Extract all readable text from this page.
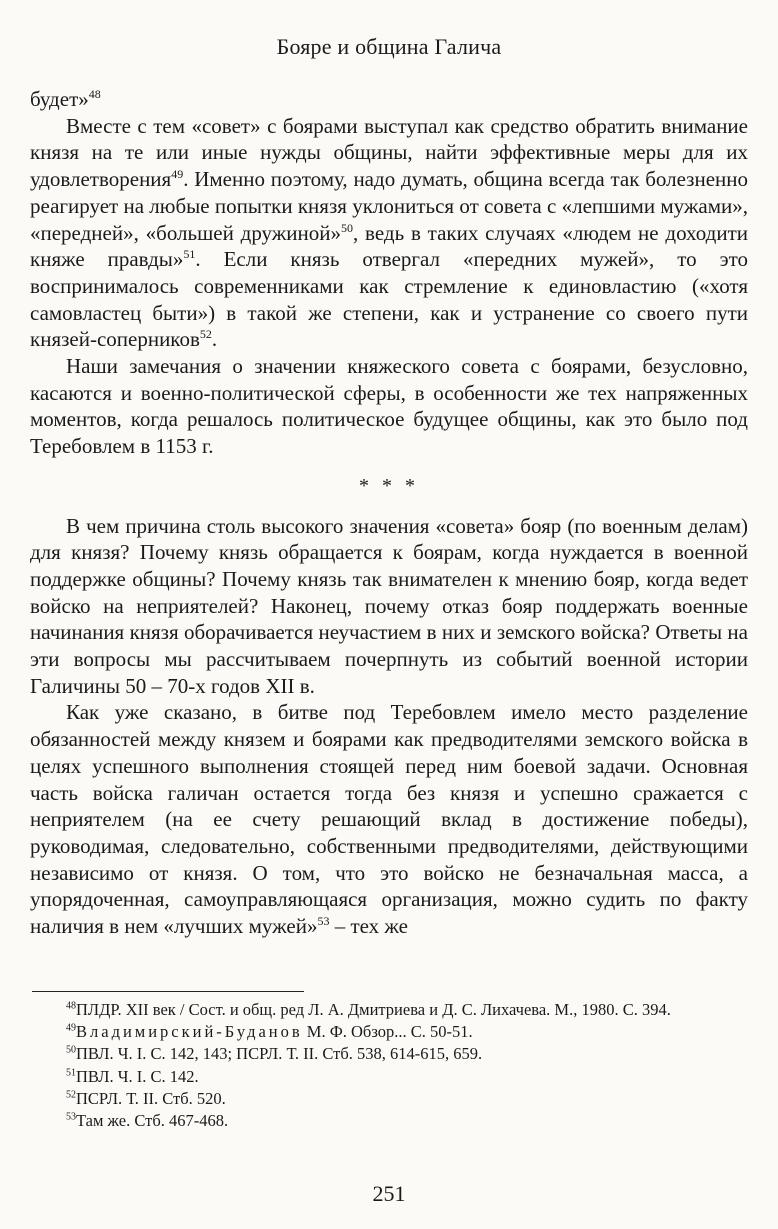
Бояре и община Галича

будет»$^{48}$

Вместе с тем «совет» с боярами выступал как средство обратить внимание князя на те или иные нужды общины, найти эффективные меры для их удовлетворения$^{49}$. Именно поэтому, надо думать, община всегда так болезненно реагирует на любые попытки князя уклониться от совета с «лепшими мужами», «передней», «большей дружиной»$^{50}$, ведь в таких случаях «людем не доходити княже правды»$^{51}$. Если князь отвергал «передних мужей», то это воспринималось современниками как стремление к единовластию («хотя самовластец быти») в такой же степени, как и устранение со своего пути князей-соперников$^{52}$.

Наши замечания о значении княжеского совета с боярами, безусловно, касаются и военно-политической сферы, в особенности же тех напряженных моментов, когда решалось политическое будущее общины, как это было под Теребовлем в 1153 г.

* * *

В чем причина столь высокого значения «совета» бояр (по военным делам) для князя? Почему князь обращается к боярам, когда нуждается в военной поддержке общины? Почему князь так внимателен к мнению бояр, когда ведет войско на неприятелей? Наконец, почему отказ бояр поддержать военные начинания князя оборачивается неучастием в них и земского войска? Ответы на эти вопросы мы рассчитываем почерпнуть из событий военной истории Галичины 50 – 70-х годов XII в.

Как уже сказано, в битве под Теребовлем имело место разделение обязанностей между князем и боярами как предводителями земского войска в целях успешного выполнения стоящей перед ним боевой задачи. Основная часть войска галичан остается тогда без князя и успешно сражается с неприятелем (на ее счету решающий вклад в достижение победы), руководимая, следовательно, собственными предводителями, действующими независимо от князя. О том, что это войско не безначальная масса, а упорядоченная, самоуправляющаяся организация, можно судить по факту наличия в нем «лучших мужей»$^{53}$ – тех же

$^{48}$ПЛДР. XII век / Сост. и общ. ред Л. А. Дмитриева и Д. С. Лихачева. М., 1980. С. 394.

$^{49}$Владимирский-Буданов М. Ф. Обзор... С. 50-51.

$^{50}$ПВЛ. Ч. I. С. 142, 143; ПСРЛ. Т. II. Стб. 538, 614-615, 659.

$^{51}$ПВЛ. Ч. I. С. 142.

$^{52}$ПСРЛ. Т. II. Стб. 520.

$^{53}$Там же. Стб. 467-468.

251
